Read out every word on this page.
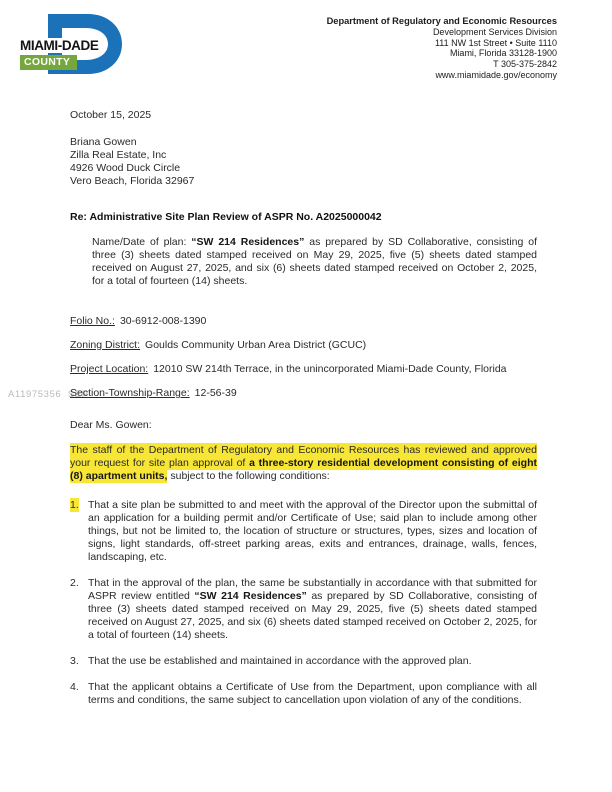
A11975356  SEP
MIAMI-DADE
COUNTY
Department of Regulatory and Economic Resources
Development Services Division
111 NW 1st Street • Suite 1110
Miami, Florida 33128-1900
T 305-375-2842
www.miamidade.gov/economy
October 15, 2025
Briana Gowen
Zilla Real Estate, Inc
4926 Wood Duck Circle
Vero Beach, Florida 32967
Re: Administrative Site Plan Review of ASPR No. A2025000042
Name/Date of plan: “SW 214 Residences” as prepared by SD Collaborative, consisting of three (3) sheets dated stamped received on May 29, 2025, five (5) sheets dated stamped received on August 27, 2025, and six (6) sheets dated stamped received on October 2, 2025, for a total of fourteen (14) sheets.
Folio No.: 30-6912-008-1390
Zoning District: Goulds Community Urban Area District (GCUC)
Project Location: 12010 SW 214th Terrace, in the unincorporated Miami-Dade County, Florida
Section-Township-Range: 12-56-39
Dear Ms. Gowen:
The staff of the Department of Regulatory and Economic Resources has reviewed and approved your request for site plan approval of a three-story residential development consisting of eight (8) apartment units, subject to the following conditions:
1. That a site plan be submitted to and meet with the approval of the Director upon the submittal of an application for a building permit and/or Certificate of Use; said plan to include among other things, but not be limited to, the location of structure or structures, types, sizes and location of signs, light standards, off-street parking areas, exits and entrances, drainage, walls, fences, landscaping, etc.
2. That in the approval of the plan, the same be substantially in accordance with that submitted for ASPR review entitled “SW 214 Residences” as prepared by SD Collaborative, consisting of three (3) sheets dated stamped received on May 29, 2025, five (5) sheets dated stamped received on August 27, 2025, and six (6) sheets dated stamped received on October 2, 2025, for a total of fourteen (14) sheets.
3. That the use be established and maintained in accordance with the approved plan.
4. That the applicant obtains a Certificate of Use from the Department, upon compliance with all terms and conditions, the same subject to cancellation upon violation of any of the conditions.
